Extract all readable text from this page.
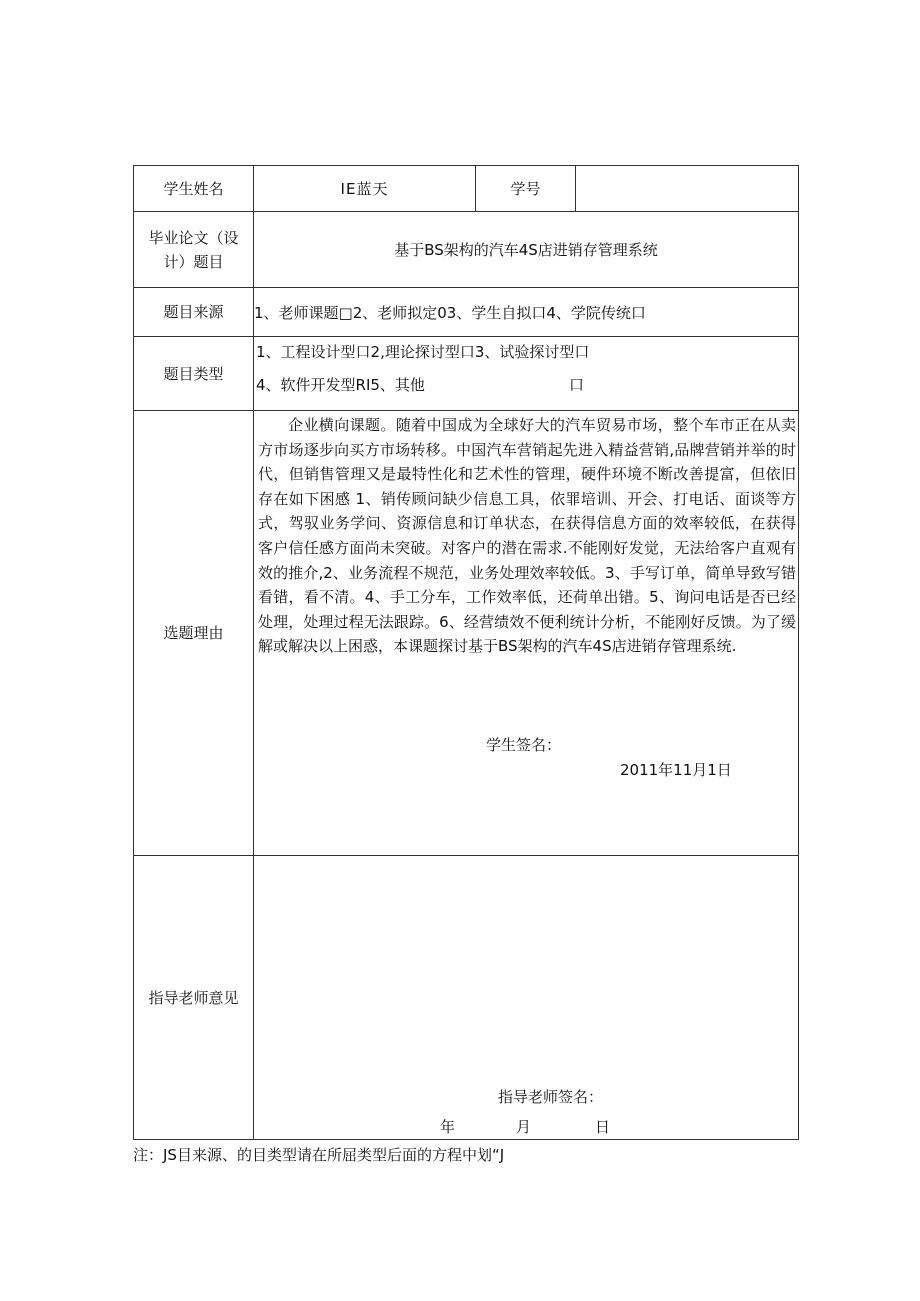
学生姓名	IE蓝天	学号	

毕业论文（设
计）题目	基于BS架构的汽车4S店进销存管理系统		
题目来源	1、老师课题□2、老师拟定03、学生自拟口4、学院传统口		
题目类型	1、工程设计型口2,理论探讨型口3、试验探讨型口
4、软件开发型RI5、其他 口		

选题理由	企业横向课题。随着中国成为全球好大的汽车贸易市场，整个车市正在从卖方市场逐步向买方市场转移。中国汽车营销起先进入精益营销,品牌营销并举的时代，但销售管理又是最特性化和艺术性的管理，硬件环境不断改善提富，但依旧存在如下困感 1、销传顾问缺少信息工具，依罪培训、开会、打电话、面谈等方式，驾驭业务学问、资源信息和订单状态，在获得信息方面的效率较低，在获得客户信任感方面尚未突破。对客户的潜在需求.不能刚好发觉，无法给客户直观有效的推介,2、业务流程不规范，业务处理效率较低。3、手写订单，简单导致写错看错，看不清。4、手工分车，工作效率低，还荷单出错。5、询问电话是否已经处理，处理过程无法跟踪。6、经营绩效不便利统计分析，不能刚好反馈。为了缓解或解决以上困惑，本课题探讨基于BS架构的汽车4S店进销存管理系统.

学生签名：
2011年11月1日		

指导老师意见	指导老师签名：
年 月 日		
注：JS目来源、的目类型请在所屈类型后面的方程中划“J
